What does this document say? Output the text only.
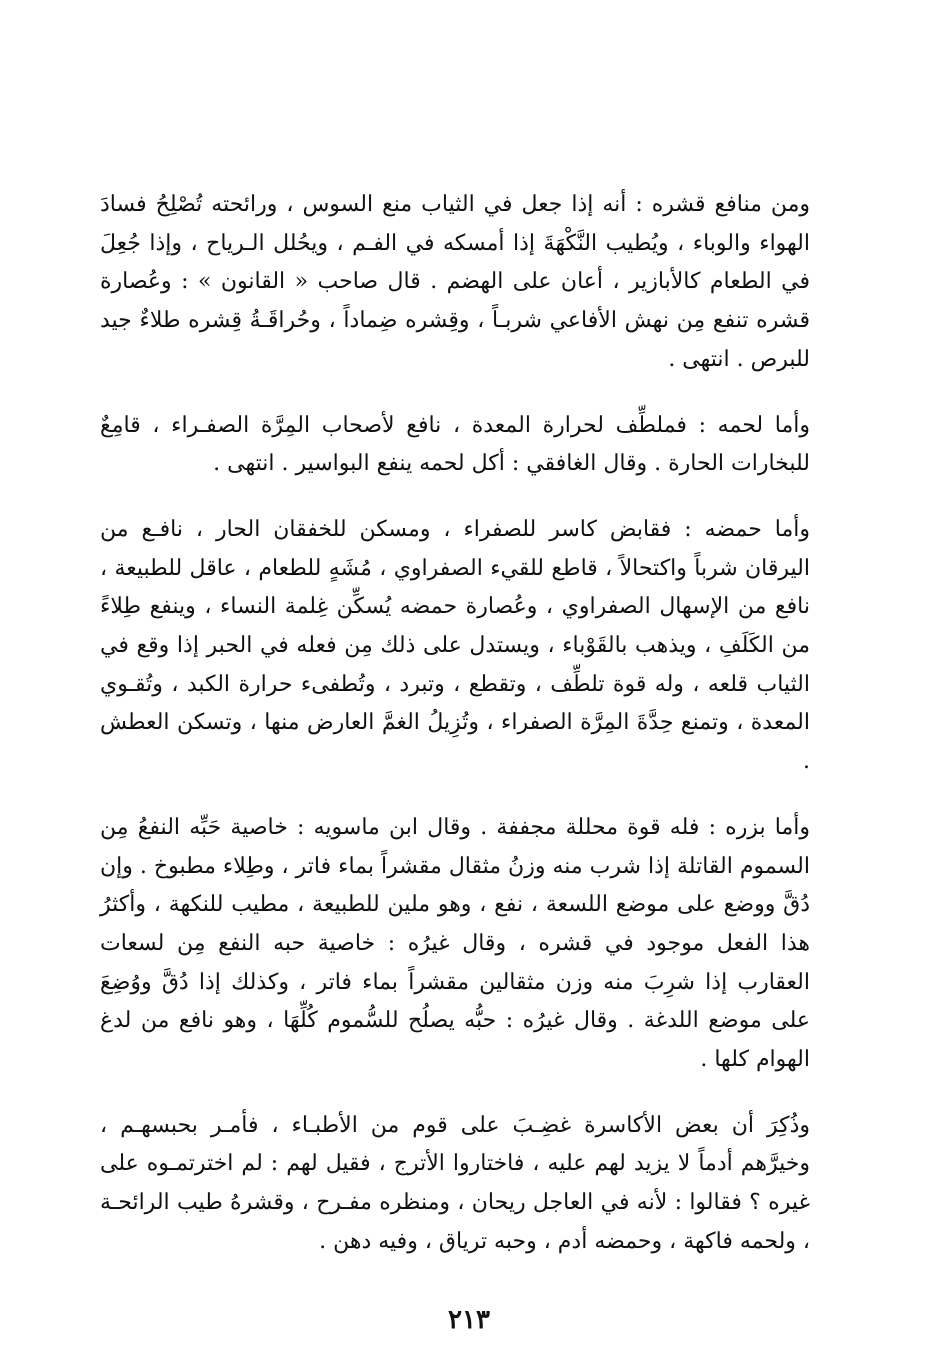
ومن منافع قشره : أنه إذا جعل في الثياب منع السوس ، ورائحته تُصْلِحُ فسادَ الهواء والوباء ، ويُطيب النَّكْهَةَ إذا أمسكه في الفـم ، ويحُلل الـرياح ، وإذا جُعِلَ في الطعام كالأبازير ، أعان على الهضم . قال صاحب « القانون » : وعُصارة قشره تنفع مِن نهش الأفاعي شربـاً ، وقِشره ضِماداً ، وحُراقَـةُ قِشره طلاءٌ جيد للبرص . انتهى .

وأما لحمه : فملطِّف لحرارة المعدة ، نافع لأصحاب المِرَّة الصفـراء ، قامِعٌ للبخارات الحارة . وقال الغافقي : أكل لحمه ينفع البواسير . انتهى .

وأما حمضه : فقابض كاسر للصفراء ، ومسكن للخفقان الحار ، نافـع من اليرقان شرباً واكتحالاً ، قاطع للقيء الصفراوي ، مُشَهٍ للطعام ، عاقل للطبيعة ، نافع من الإسهال الصفراوي ، وعُصارة حمضه يُسكِّن غِلمة النساء ، وينفع طِلاءً من الكَلَفِ ، ويذهب بالقَوْباء ، ويستدل على ذلك مِن فعله في الحبر إذا وقع في الثياب قلعه ، وله قوة تلطِّف ، وتقطع ، وتبرد ، وتُطفىء حرارة الكبد ، وتُقـوي المعدة ، وتمنع حِدَّةَ المِرَّة الصفراء ، وتُزِيلُ الغمَّ العارض منها ، وتسكن العطش .

وأما بزره : فله قوة محللة مجففة . وقال ابن ماسويه : خاصية حَبِّه النفعُ مِن السموم القاتلة إذا شرب منه وزنُ مثقال مقشراً بماء فاتر ، وطِلاء مطبوخ . وإن دُقَّ ووضع على موضع اللسعة ، نفع ، وهو ملين للطبيعة ، مطيب للنكهة ، وأكثرُ هذا الفعل موجود في قشره ، وقال غيرُه : خاصية حبه النفع مِن لسعات العقارب إذا شرِبَ منه وزن مثقالين مقشراً بماء فاتر ، وكذلك إذا دُقَّ ووُضِعَ على موضع اللدغة . وقال غيرُه : حبُّه يصلُح للسُّموم كُلِّهَا ، وهو نافع من لدغ الهوام كلها .

وذُكِرَ أن بعض الأكاسرة غضِـبَ على قوم من الأطبـاء ، فأمـر بحبسهـم ، وخيرَّهم أدماً لا يزيد لهم عليه ، فاختاروا الأترج ، فقيل لهم : لم اخترتمـوه على غيره ؟ فقالوا : لأنه في العاجل ريحان ، ومنظره مفـرح ، وقشرهُ طيب الرائحـة ، ولحمه فاكهة ، وحمضه أدم ، وحبه ترياق ، وفيه دهن .

٢١٣
